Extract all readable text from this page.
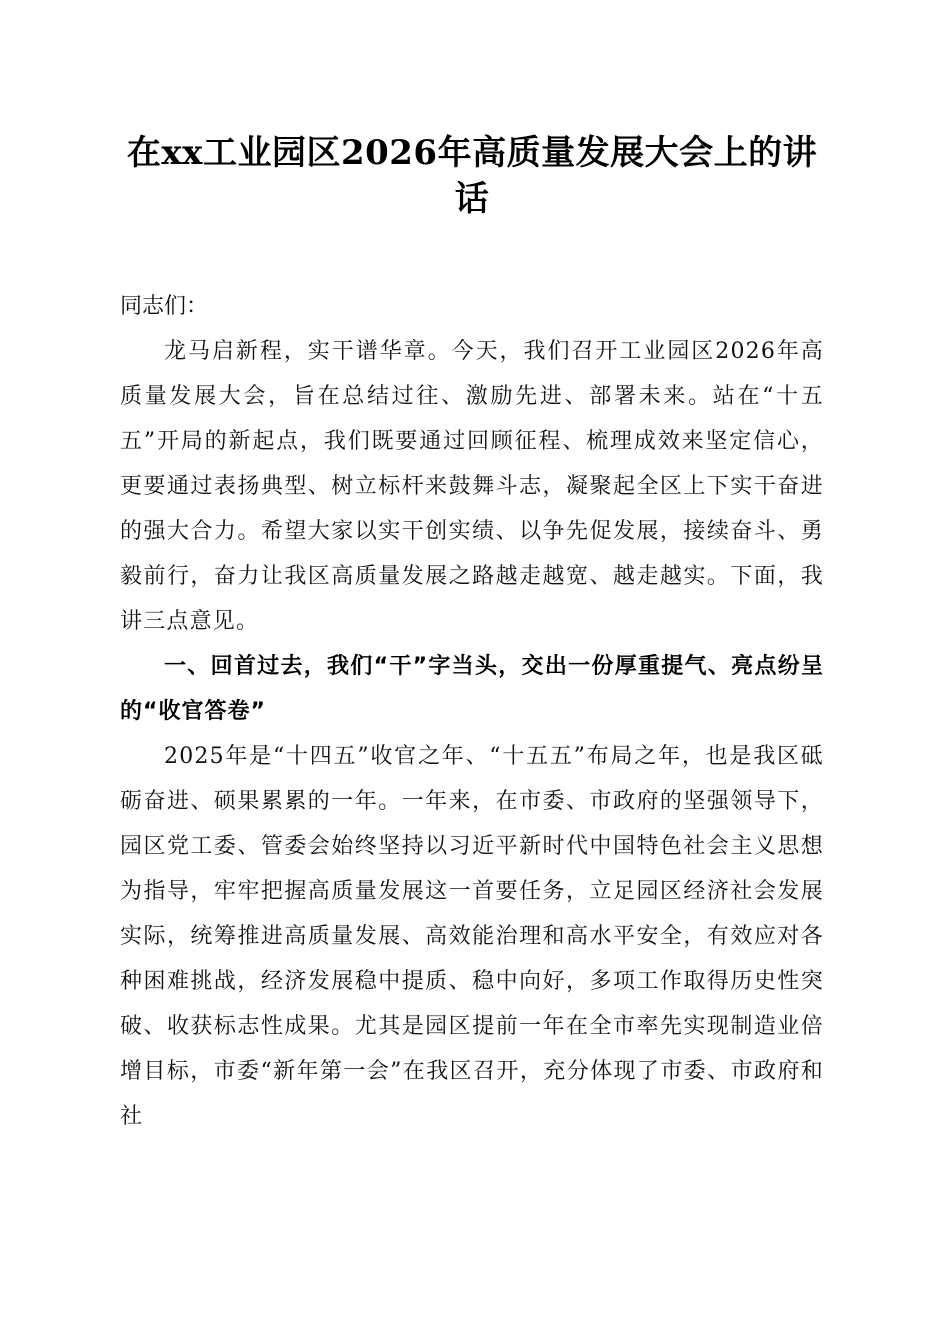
在xx工业园区2026年高质量发展大会上的讲话

同志们：

龙马启新程，实干谱华章。今天，我们召开工业园区2026年高质量发展大会，旨在总结过往、激励先进、部署未来。站在“十五五”开局的新起点，我们既要通过回顾征程、梳理成效来坚定信心，更要通过表扬典型、树立标杆来鼓舞斗志，凝聚起全区上下实干奋进的强大合力。希望大家以实干创实绩、以争先促发展，接续奋斗、勇毅前行，奋力让我区高质量发展之路越走越宽、越走越实。下面，我讲三点意见。

一、回首过去，我们“干”字当头，交出一份厚重提气、亮点纷呈的“收官答卷”

2025年是“十四五”收官之年、“十五五”布局之年，也是我区砥砺奋进、硕果累累的一年。一年来，在市委、市政府的坚强领导下，园区党工委、管委会始终坚持以习近平新时代中国特色社会主义思想为指导，牢牢把握高质量发展这一首要任务，立足园区经济社会发展实际，统筹推进高质量发展、高效能治理和高水平安全，有效应对各种困难挑战，经济发展稳中提质、稳中向好，多项工作取得历史性突破、收获标志性成果。尤其是园区提前一年在全市率先实现制造业倍增目标，市委“新年第一会”在我区召开，充分体现了市委、市政府和社
